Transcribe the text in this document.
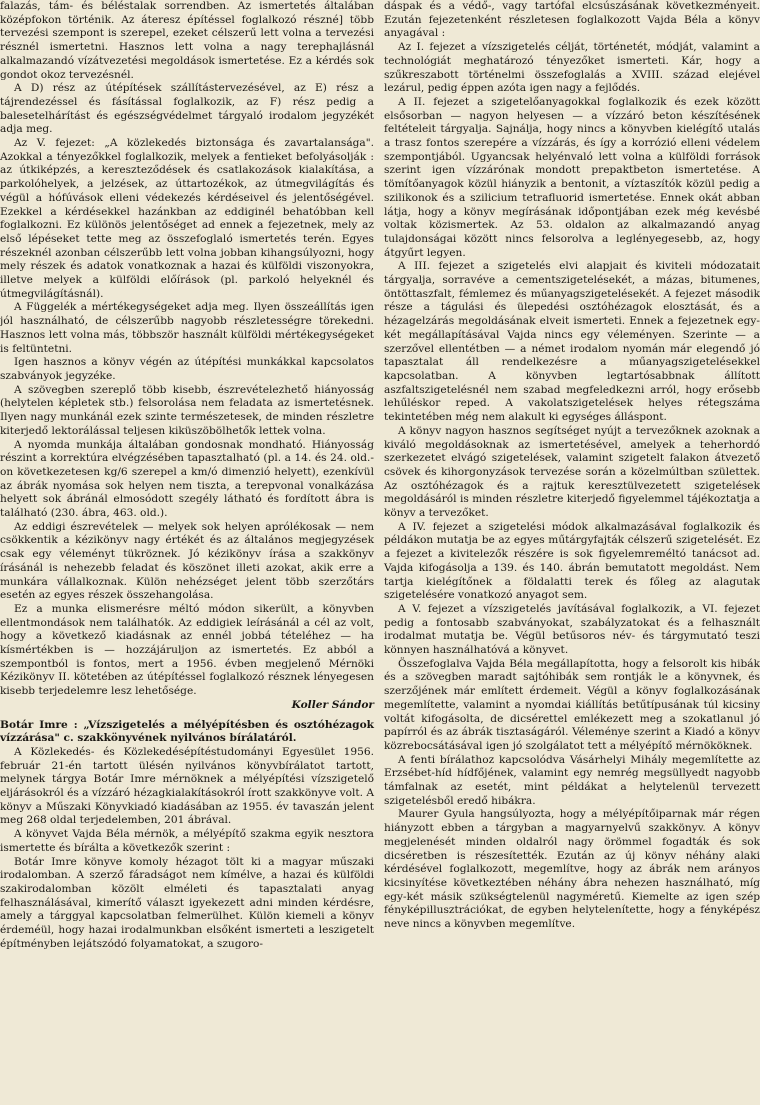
falazás, tám- és béléstalak sorrendben. Az ismertetés általában középfokon történik. Az áteresz építéssel foglalkozó részné] több tervezési szempont is szerepel, ezeket célszerű lett volna a tervezési résznél ismertetni. Hasznos lett volna a nagy terephajlásnál alkalmazandó vízátvezetési megoldások ismertetése. Ez a kérdés sok gondot okoz tervezésnél.

A D) rész az útépítések szállítástervezésével, az E) rész a tájrendezéssel és fásítással foglalkozik, az F) rész pedig a balesetelhárítást és egészségvédelmet tárgyaló irodalom jegyzékét adja meg.

Az V. fejezet: „A közlekedés biztonsága és zavartalansága". Azokkal a tényezőkkel foglalkozik, melyek a fentieket befolyásolják : az útkiképzés, a kereszteződések és csatlakozások kialakítása, a parkolóhelyek, a jelzések, az úttartozékok, az útmegvilágítás és végül a hófúvások elleni védekezés kérdéseivel és jelentőségével. Ezekkel a kérdésekkel hazánkban az eddiginél behatóbban kell foglalkozni. Ez különös jelentőséget ad ennek a fejezetnek, mely az első lépéseket tette meg az összefoglaló ismertetés terén. Egyes részeknél azonban célszerűbb lett volna jobban kihangsúlyozni, hogy mely részek és adatok vonatkoznak a hazai és külföldi viszonyokra, illetve melyek a külföldi előírások (pl. parkoló helyeknél és útmegvilágításnál).

A Függelék a mértékegységeket adja meg. Ilyen összeállítás igen jól használható, de célszerűbb nagyobb részletességre törekedni. Hasznos lett volna más, többször használt külföldi mértékegységeket is feltüntetni.

Igen hasznos a könyv végén az útépítési munkákkal kapcsolatos szabványok jegyzéke.

A szövegben szereplő több kisebb, észrevételezhető hiányosság (helytelen képletek stb.) felsorolása nem feladata az ismertetésnek. Ilyen nagy munkánál ezek szinte természetesek, de minden részletre kiterjedő lektorálással teljesen kiküszöbölhetők lettek volna.

A nyomda munkája általában gondosnak mondható. Hiányosság részint a korrektúra elvégzésében tapasztalható (pl. a 14. és 24. old.-on következetesen kg/6 szerepel a km/ó dimenzió helyett), ezenkívül az ábrák nyomása sok helyen nem tiszta, a terepvonal vonalkázása helyett sok ábránál elmosódott szegély látható és fordított ábra is található (230. ábra, 463. old.).

Az eddigi észrevételek — melyek sok helyen aprólékosak — nem csökkentik a kézikönyv nagy értékét és az általános megjegyzések csak egy véleményt tükröznek. Jó kézikönyv írása a szakkönyv írásánál is nehezebb feladat és köszönet illeti azokat, akik erre a munkára vállalkoznak. Külön nehézséget jelent több szerzőtárs esetén az egyes részek összehangolása.

Ez a munka elismerésre méltó módon sikerült, a könyvben ellentmondások nem találhatók. Az eddigiek leírásánál a cél az volt, hogy a következő kiadásnak az ennél jobbá tételéhez — ha kísmértékben is — hozzájáruljon az ismertetés. Ez abból a szempontból is fontos, mert a 1956. évben megjelenő Mérnöki Kézikönyv II. kötetében az útépítéssel foglalkozó résznek lényegesen kisebb terjedelemre lesz lehetősége.

Koller Sándor

Botár Imre : „Vízszigetelés a mélyépítésben és osztóhézagok vízzárása" c. szakkönyvének nyilvános bírálatáról.

A Közlekedés- és Közlekedésépítéstudományi Egyesület 1956. február 21-én tartott ülésén nyilvános könyvbírálatot tartott, melynek tárgya Botár Imre mérnöknek a mélyépítési vízszigetelő eljárásokról és a vízzáró hézagkialakításokról írott szakkönyve volt. A könyv a Műszaki Könyvkiadó kiadásában az 1955. év tavaszán jelent meg 268 oldal terjedelemben, 201 ábrával.

A könyvet Vajda Béla mérnök, a mélyépítő szakma egyik nesztora ismertette és bírálta a következők szerint :

Botár Imre könyve komoly hézagot tölt ki a magyar műszaki irodalomban. A szerző fáradságot nem kímélve, a hazai és külföldi szakirodalomban közölt elméleti és tapasztalati anyag felhasználásával, kimerítő választ igyekezett adni minden kérdésre, amely a tárggyal kapcsolatban felmerülhet. Külön kiemeli a könyv érdeméül, hogy hazai irodalmunkban elsőként ismerteti a leszigetelt építményben lejátszódó folyamatokat, a szugoro-

dáspak és a védő-, vagy tartófal elcsúszásának következményeit. Ezután fejezetenként részletesen foglalkozott Vajda Béla a könyv anyagával :

Az I. fejezet a vízszigetelés célját, történetét, módját, valamint a technológiát meghatározó tényezőket ismerteti. Kár, hogy a szűkreszabott történelmi összefoglalás a XVIII. század elejével lezárul, pedig éppen azóta igen nagy a fejlődés.

A II. fejezet a szigetelőanyagokkal foglalkozik és ezek között elsősorban — nagyon helyesen — a vízzáró beton készítésének feltételeit tárgyalja. Sajnálja, hogy nincs a könyvben kielégítő utalás a trasz fontos szerepére a vízzárás, és így a korrózió elleni védelem szempontjából. Ugyancsak helyénvaló lett volna a külföldi források szerint igen vízzárónak mondott prepaktbeton ismertetése. A tömítőanyagok közül hiányzik a bentonit, a víztaszítók közül pedig a szilikonok és a szilicium tetrafluorid ismertetése. Ennek okát abban látja, hogy a könyv megírásának időpontjában ezek még kevésbé voltak közismertek. Az 53. oldalon az alkalmazandó anyag tulajdonságai között nincs felsorolva a leglényegesebb, az, hogy átgyűrt legyen.

A III. fejezet a szigetelés elvi alapjait és kiviteli módozatait tárgyalja, sorravéve a cementszigetelésekét, a mázas, bitumenes, öntöttaszfalt, fémlemez és műanyagszigetelésekét. A fejezet második része a tágulási és ülepedési osztóhézagok elosztását, és a hézagelzárás megoldásának elveit ismerteti. Ennek a fejezetnek egy-két megállapításával Vajda nincs egy véleményen. Szerinte — a szerzővel ellentétben — a német irodalom nyomán már elegendő jó tapasztalat áll rendelkezésre a műanyagszigetelésekkel kapcsolatban. A könyvben legtartósabbnak állított aszfaltszigetelésnél nem szabad megfeledkezni arról, hogy erősebb lehűléskor reped. A vakolatszigetelések helyes rétegszáma tekintetében még nem alakult ki egységes álláspont.

A könyv nagyon hasznos segítséget nyújt a tervezőknek azoknak a kiváló megoldásoknak az ismertetésével, amelyek a teherhordó szerkezetet elvágó szigetelések, valamint szigetelt falakon átvezető csövek és kihorgonyzások tervezése során a közelmúltban születtek. Az osztóhézagok és a rajtuk keresztülvezetett szigetelések megoldásáról is minden részletre kiterjedő figyelemmel tájékoztatja a könyv a tervezőket.

A IV. fejezet a szigetelési módok alkalmazásával foglalkozik és példákon mutatja be az egyes műtárgyfajták célszerű szigetelését. Ez a fejezet a kivitelezők részére is sok figyelemreméltó tanácsot ad. Vajda kifogásolja a 139. és 140. ábrán bemutatott megoldást. Nem tartja kielégítőnek a földalatti terek és főleg az alagutak szigetelésére vonatkozó anyagot sem.

A V. fejezet a vízszigetelés javításával foglalkozik, a VI. fejezet pedig a fontosabb szabványokat, szabályzatokat és a felhasznált irodalmat mutatja be. Végül betűsoros név- és tárgymutató teszi könnyen használhatóvá a könyvet.

Összefoglalva Vajda Béla megállapította, hogy a felsorolt kis hibák és a szövegben maradt sajtóhibák sem rontják le a könyvnek, és szerzőjének már említett érdemeit. Végül a könyv foglalkozásának megemlítette, valamint a nyomdai kiállítás betűtípusának túl kicsiny voltát kifogásolta, de dicsérettel emlékezett meg a szokatlanul jó papírról és az ábrák tisztaságáról. Véleménye szerint a Kiadó a könyv közrebocsátásával igen jó szolgálatot tett a mélyépítő mérnököknek.

A fenti bírálathoz kapcsolódva Vásárhelyi Mihály megemlítette az Erzsébet-híd hídfőjének, valamint egy nemrég megsüllyedt nagyobb támfalnak az esetét, mint példákat a helytelenül tervezett szigetelésből eredő hibákra.

Maurer Gyula hangsúlyozta, hogy a mélyépítőiparnak már régen hiányzott ebben a tárgyban a magyarnyelvű szakkönyv. A könyv megjelenését minden oldalról nagy örömmel fogadták és sok dicséretben is részesítették. Ezután az új könyv néhány alaki kérdésével foglalkozott, megemlítve, hogy az ábrák nem arányos kicsinyítése következtében néhány ábra nehezen használható, míg egy-két másik szükségtelenül nagyméretű. Kiemelte az igen szép fényképillusztrációkat, de egyben helytelenítette, hogy a fényképész neve nincs a könyvben megemlítve.
